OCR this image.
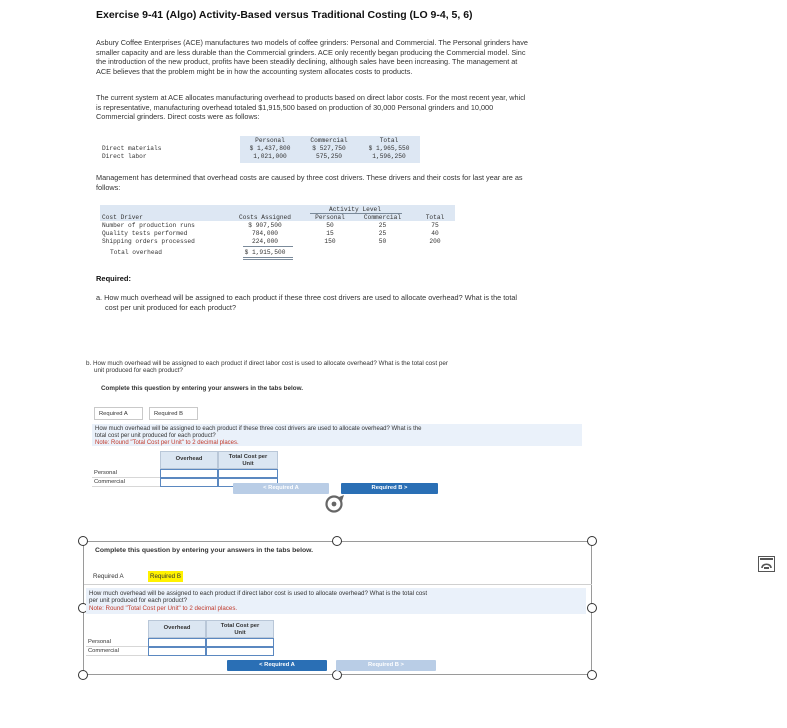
Exercise 9-41 (Algo) Activity-Based versus Traditional Costing (LO 9-4, 5, 6)
Asbury Coffee Enterprises (ACE) manufactures two models of coffee grinders: Personal and Commercial. The Personal grinders have
smaller capacity and are less durable than the Commercial grinders. ACE only recently began producing the Commercial model. Sinc
the introduction of the new product, profits have been steadily declining, although sales have been increasing. The management at
ACE believes that the problem might be in how the accounting system allocates costs to products.
The current system at ACE allocates manufacturing overhead to products based on direct labor costs. For the most recent year, whicl
is representative, manufacturing overhead totaled $1,915,500 based on production of 30,000 Personal grinders and 10,000
Commercial grinders. Direct costs were as follows:
Personal	Commercial	Total
Direct materials	$ 1,437,800	$ 527,750	$ 1,965,550
Direct labor	1,021,000	575,250	1,596,250
Management has determined that overhead costs are caused by three cost drivers. These drivers and their costs for last year are as
follows:
Activity Level
Cost Driver	Costs Assigned	Personal	Commercial	Total
Number of production runs	$ 907,500	50	25	75
Quality tests performed	784,000	15	25	40
Shipping orders processed	224,000	150	50	200
Total overhead	$ 1,915,500
Required:
a. How much overhead will be assigned to each product if these three cost drivers are used to allocate overhead? What is the total
cost per unit produced for each product?
b. How much overhead will be assigned to each product if direct labor cost is used to allocate overhead? What is the total cost per
unit produced for each product?
Complete this question by entering your answers in the tabs below.
Required A	Required B
How much overhead will be assigned to each product if these three cost drivers are used to allocate overhead? What is the
total cost per unit produced for each product?
Note: Round "Total Cost per Unit" to 2 decimal places.
Overhead	Total Cost per
Unit
Personal
Commercial
< Required A	Required B >
Complete this question by entering your answers in the tabs below.
Required A	Required B
How much overhead will be assigned to each product if direct labor cost is used to allocate overhead? What is the total cost
per unit produced for each product?
Note: Round "Total Cost per Unit" to 2 decimal places.
Overhead	Total Cost per
Unit
Personal
Commercial
< Required A	Required B >
